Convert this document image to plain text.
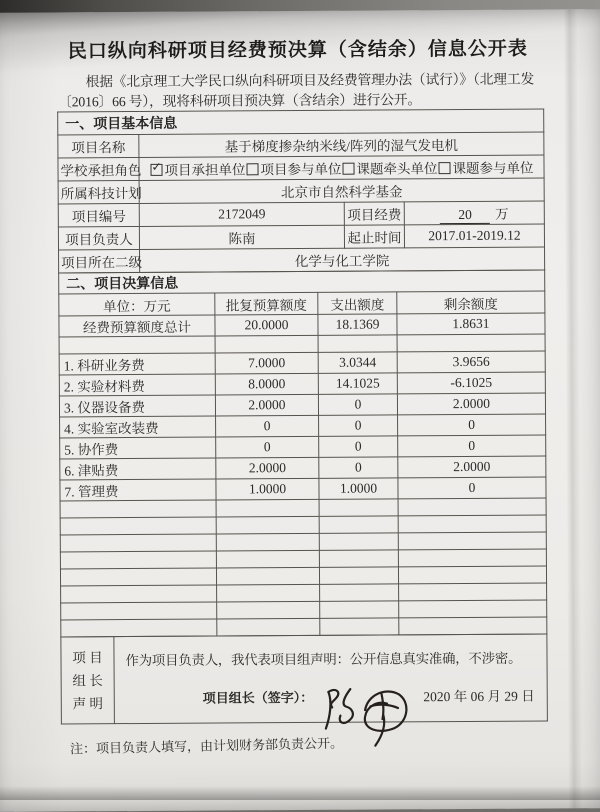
民口纵向科研项目经费预决算（含结余）信息公开表
根据《北京理工大学民口纵向科研项目及经费管理办法（试行）》（北理工发
〔2016〕66 号），现将科研项目预决算（含结余）进行公开。
一、项目基本信息			
项目名称	基于梯度掺杂纳米线/阵列的湿气发电机		
学校承担角色	✓ 项目承担单位 项目参与单位 课题牵头单位 课题参与单位		
所属科技计划	北京市自然科学基金		
项目编号	2172049	项目经费	20 万
项目负责人	陈南	起止时间	2017.01-2019.12
项目所在二级	化学与化工学院		
二、项目决算信息			
单位：万元	批复预算额度	支出额度	剩余额度
经费预算额度总计	20.0000	18.1369	1.8631

1. 科研业务费	7.0000	3.0344	3.9656
2. 实验材料费	8.0000	14.1025	-6.1025
3. 仪器设备费	2.0000	0	2.0000
4. 实验室改装费	0	0	0
5. 协作费	0	0	0
6. 津贴费	2.0000	0	2.0000
7. 管理费	1.0000	1.0000	0

项 目
组 长
声 明

作为项目负责人，我代表项目组声明：公开信息真实准确，不涉密。
项目组长（签字）：	2020 年 06 月 29 日
注：项目负责人填写，由计划财务部负责公开。
